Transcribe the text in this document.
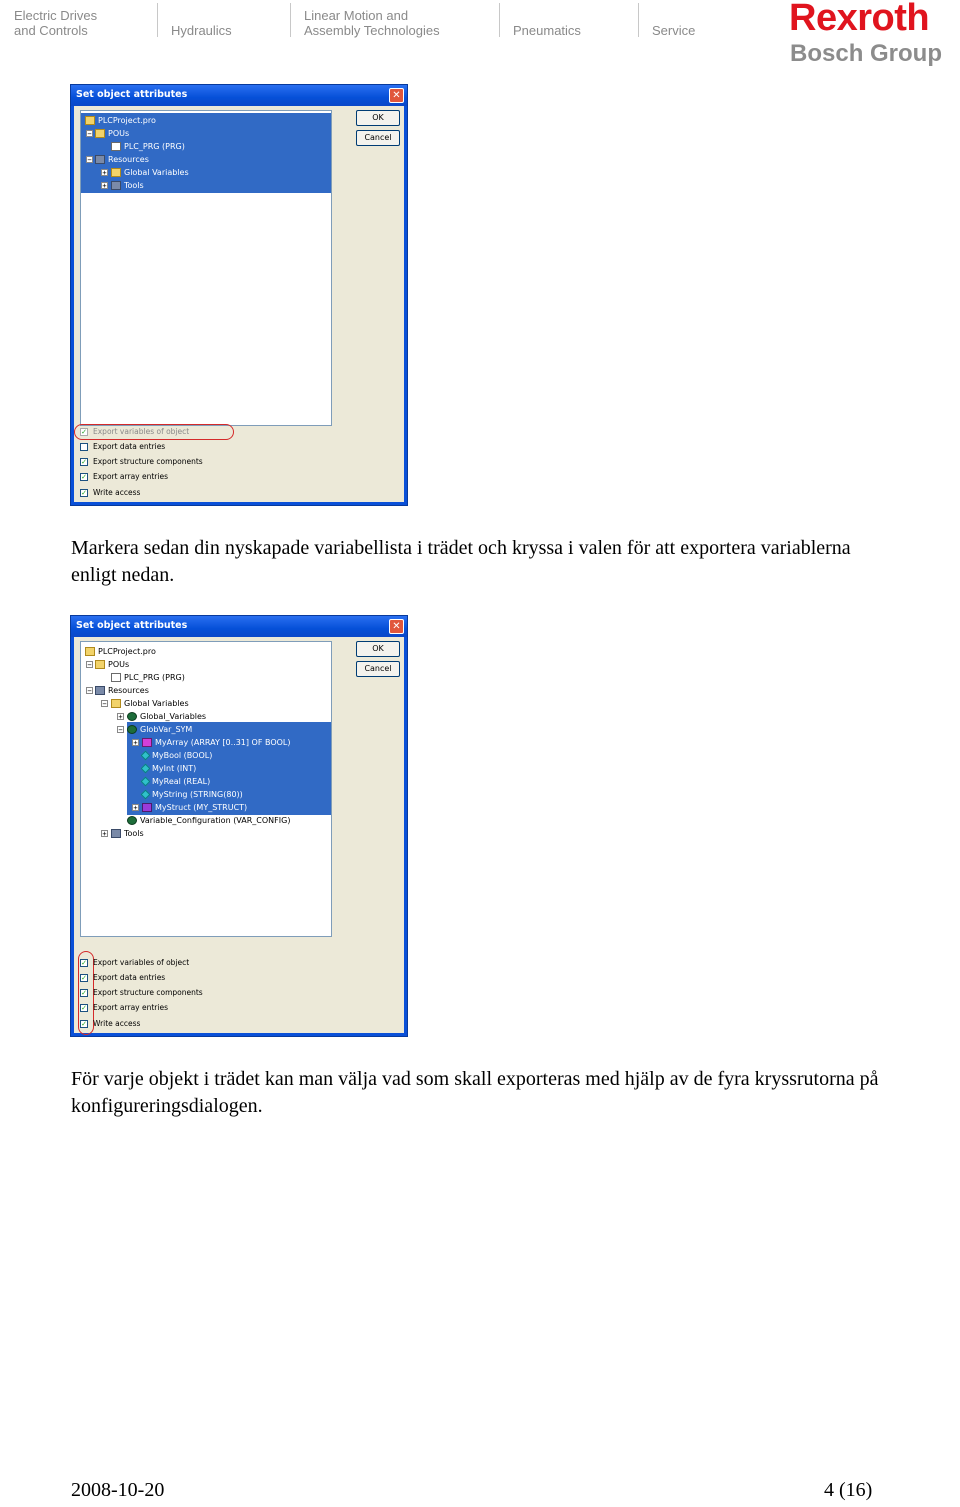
Electric Drives
and Controls
	Hydraulics
Linear Motion and
Assembly Technologies
	Pneumatics
	Service Rexroth
Bosch Group
Set object attributes	✕
PLCProject.pro
−	POUs
PLC_PRG (PRG)
−	Resources
+	Global Variables
+	Tools
OK
Cancel
✓ Export variables of object
Export data entries
✓ Export structure components
✓ Export array entries
✓ Write access
Markera sedan din nyskapade variabellista i trädet och kryssa i valen för att exportera variablerna enligt nedan.
Set object attributes	✕
PLCProject.pro
−	POUs
PLC_PRG (PRG)
−	Resources
−	Global Variables
+	Global_Variables
−	GlobVar_SYM
+	MyArray (ARRAY [0..31] OF BOOL)
MyBool (BOOL)
MyInt (INT)
MyReal (REAL)
MyString (STRING(80))
+	MyStruct (MY_STRUCT)
Variable_Configuration (VAR_CONFIG)
+	Tools
OK
Cancel
✓ Export variables of object
✓ Export data entries
✓ Export structure components
✓ Export array entries
✓ Write access
För varje objekt i trädet kan man välja vad som skall exporteras med hjälp av de fyra kryssrutorna på konfigureringsdialogen.
2008-10-20	4 (16)
